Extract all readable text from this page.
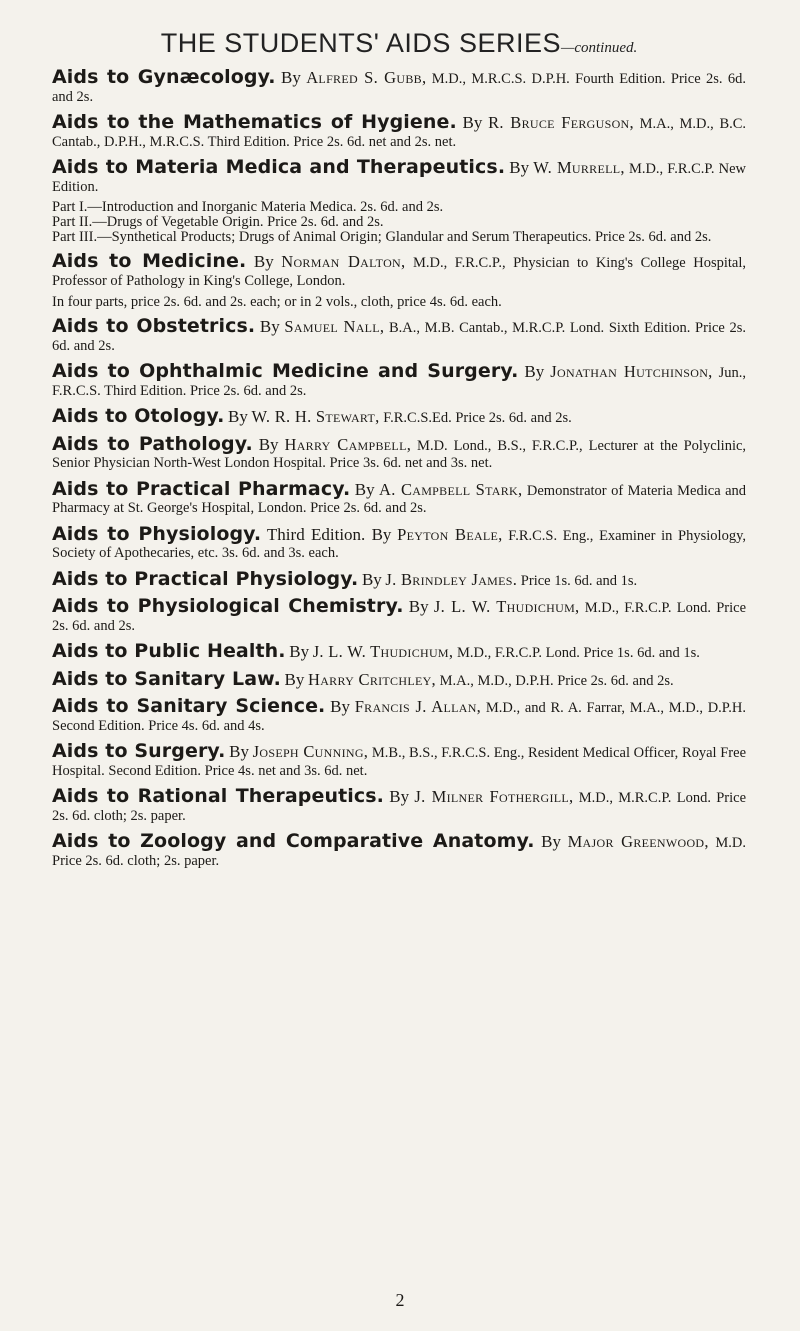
THE STUDENTS' AIDS SERIES—continued.

Aids to Gynæcology. By Alfred S. Gubb, M.D., M.R.C.S. D.P.H. Fourth Edition. Price 2s. 6d. and 2s.

Aids to the Mathematics of Hygiene. By R. Bruce Ferguson, M.A., M.D., B.C. Cantab., D.P.H., M.R.C.S. Third Edition. Price 2s. 6d. net and 2s. net.

Aids to Materia Medica and Therapeutics. By W. Murrell, M.D., F.R.C.P. New Edition.
Part I.—Introduction and Inorganic Materia Medica. 2s. 6d. and 2s.
Part II.—Drugs of Vegetable Origin. Price 2s. 6d. and 2s.
Part III.—Synthetical Products; Drugs of Animal Origin; Glandular and Serum Therapeutics. Price 2s. 6d. and 2s.

Aids to Medicine. By Norman Dalton, M.D., F.R.C.P., Physician to King's College Hospital, Professor of Pathology in King's College, London.
In four parts, price 2s. 6d. and 2s. each; or in 2 vols., cloth, price 4s. 6d. each.

Aids to Obstetrics. By Samuel Nall, B.A., M.B. Cantab., M.R.C.P. Lond. Sixth Edition. Price 2s. 6d. and 2s.

Aids to Ophthalmic Medicine and Surgery. By Jonathan Hutchinson, Jun., F.R.C.S. Third Edition. Price 2s. 6d. and 2s.

Aids to Otology. By W. R. H. Stewart, F.R.C.S.Ed. Price 2s. 6d. and 2s.

Aids to Pathology. By Harry Campbell, M.D. Lond., B.S., F.R.C.P., Lecturer at the Polyclinic, Senior Physician North-West London Hospital. Price 3s. 6d. net and 3s. net.

Aids to Practical Pharmacy. By A. Campbell Stark, Demonstrator of Materia Medica and Pharmacy at St. George's Hospital, London. Price 2s. 6d. and 2s.

Aids to Physiology. Third Edition. By Peyton Beale, F.R.C.S. Eng., Examiner in Physiology, Society of Apothecaries, etc. 3s. 6d. and 3s. each.

Aids to Practical Physiology. By J. Brindley James. Price 1s. 6d. and 1s.

Aids to Physiological Chemistry. By J. L. W. Thudichum, M.D., F.R.C.P. Lond. Price 2s. 6d. and 2s.

Aids to Public Health. By J. L. W. Thudichum, M.D., F.R.C.P. Lond. Price 1s. 6d. and 1s.

Aids to Sanitary Law. By Harry Critchley, M.A., M.D., D.P.H. Price 2s. 6d. and 2s.

Aids to Sanitary Science. By Francis J. Allan, M.D., and R. A. Farrar, M.A., M.D., D.P.H. Second Edition. Price 4s. 6d. and 4s.

Aids to Surgery. By Joseph Cunning, M.B., B.S., F.R.C.S. Eng., Resident Medical Officer, Royal Free Hospital. Second Edition. Price 4s. net and 3s. 6d. net.

Aids to Rational Therapeutics. By J. Milner Fothergill, M.D., M.R.C.P. Lond. Price 2s. 6d. cloth; 2s. paper.

Aids to Zoology and Comparative Anatomy. By Major Greenwood, M.D. Price 2s. 6d. cloth; 2s. paper.

2
